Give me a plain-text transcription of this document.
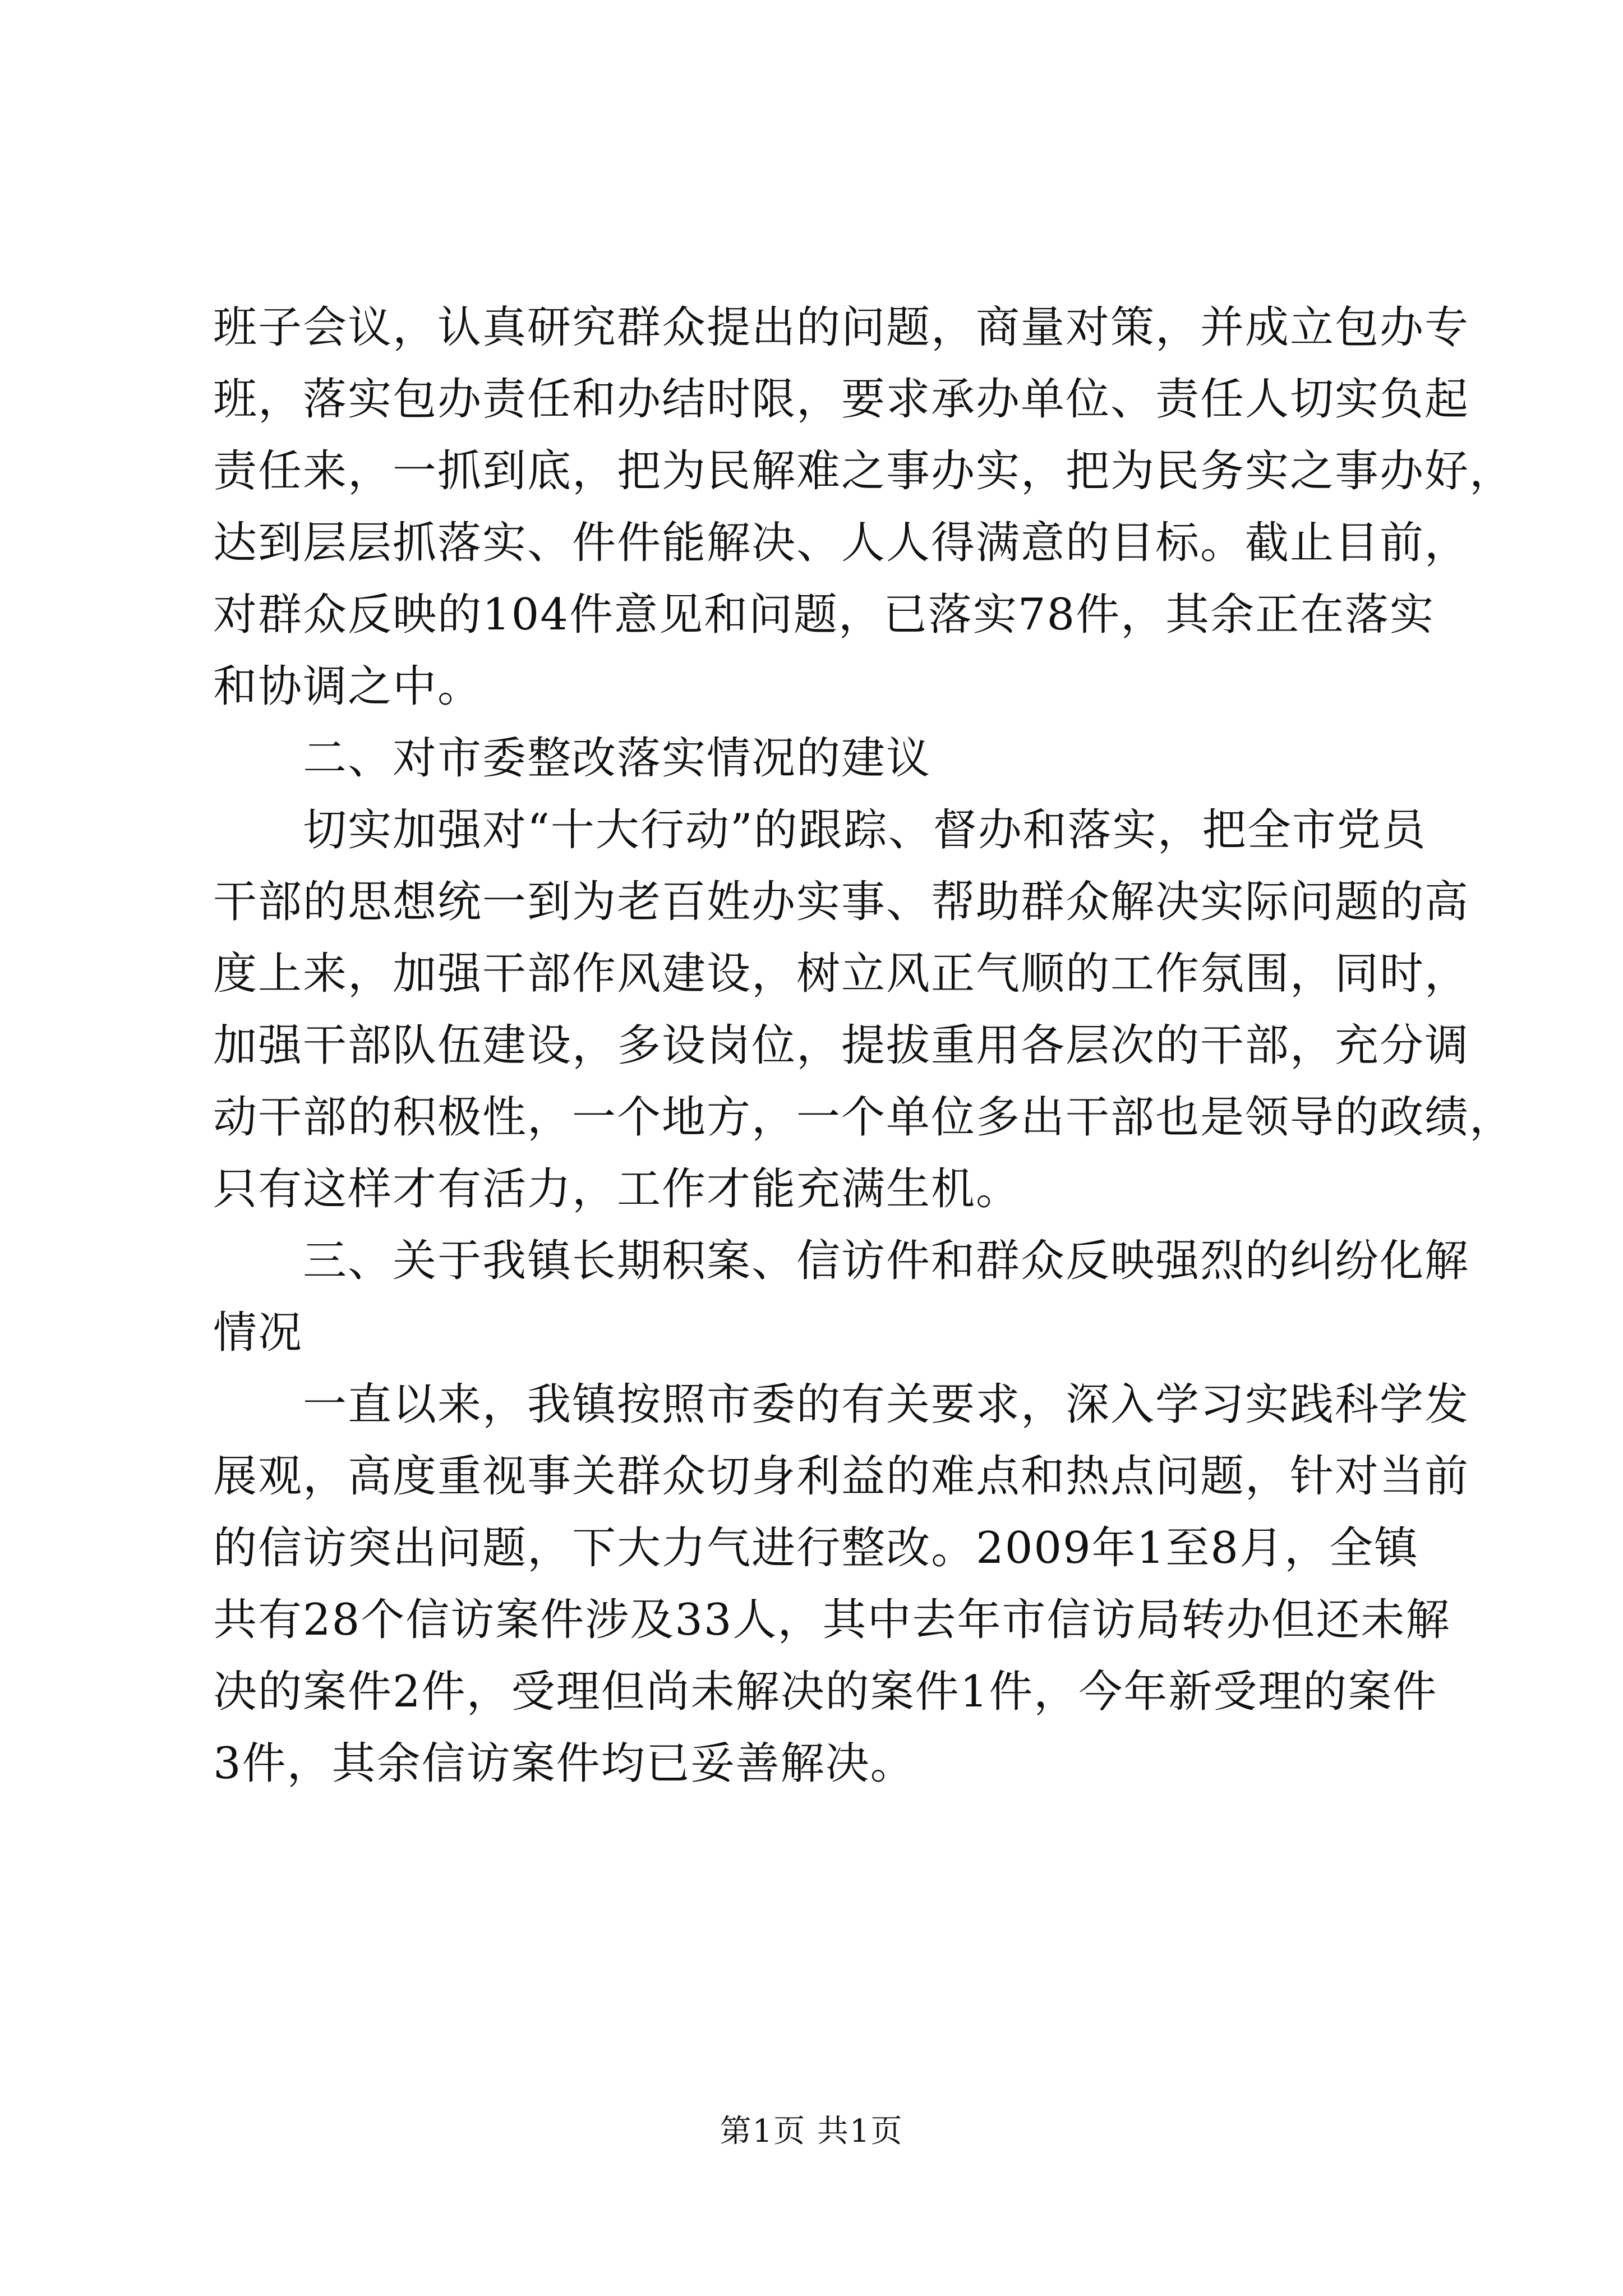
班子会议，认真研究群众提出的问题，商量对策，并成立包办专
班，落实包办责任和办结时限，要求承办单位、责任人切实负起
责任来，一抓到底，把为民解难之事办实，把为民务实之事办好，
达到层层抓落实、件件能解决、人人得满意的目标。截止目前，
对群众反映的104件意见和问题，已落实78件，其余正在落实
和协调之中。
二、对市委整改落实情况的建议
切实加强对“十大行动”的跟踪、督办和落实，把全市党员
干部的思想统一到为老百姓办实事、帮助群众解决实际问题的高
度上来，加强干部作风建设，树立风正气顺的工作氛围，同时，
加强干部队伍建设，多设岗位，提拔重用各层次的干部，充分调
动干部的积极性，一个地方，一个单位多出干部也是领导的政绩，
只有这样才有活力，工作才能充满生机。
三、关于我镇长期积案、信访件和群众反映强烈的纠纷化解
情况
一直以来，我镇按照市委的有关要求，深入学习实践科学发
展观，高度重视事关群众切身利益的难点和热点问题，针对当前
的信访突出问题，下大力气进行整改。2009年1至8月，全镇
共有28个信访案件涉及33人，其中去年市信访局转办但还未解
决的案件2件，受理但尚未解决的案件1件，今年新受理的案件
3件，其余信访案件均已妥善解决。
第1页 共1页
